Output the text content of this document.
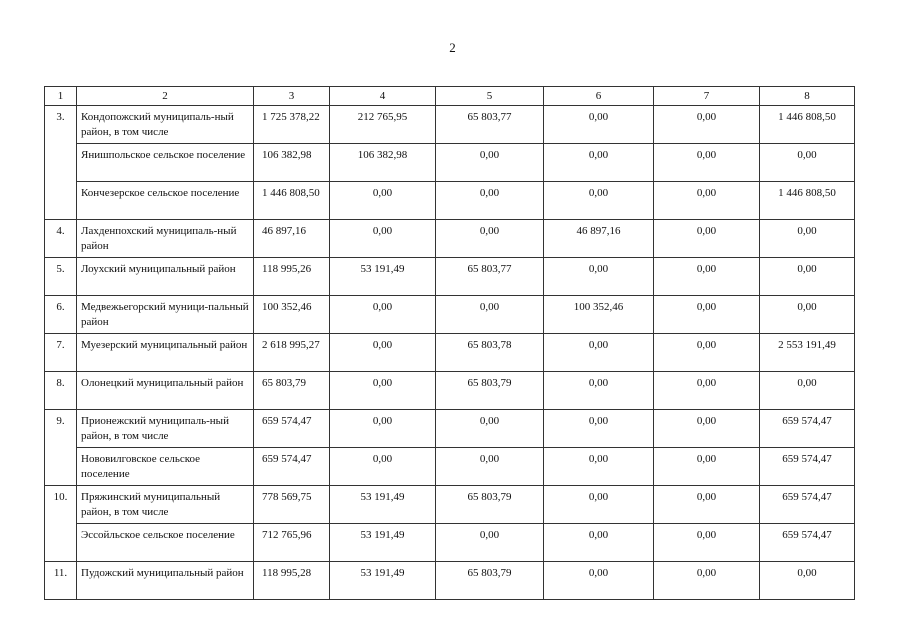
2
1	2	3	4	5	6	7	8
3.	Кондопожский муниципаль-ный район, в том числе	1 725 378,22	212 765,95	65 803,77	0,00	0,00	1 446 808,50
	Янишпольское сельское поселение	106 382,98	106 382,98	0,00	0,00	0,00	0,00
	Кончезерское сельское поселение	1 446 808,50	0,00	0,00	0,00	0,00	1 446 808,50
4.	Лахденпохский муниципаль-ный район	46 897,16	0,00	0,00	46 897,16	0,00	0,00
5.	Лоухский муниципальный район	118 995,26	53 191,49	65 803,77	0,00	0,00	0,00
6.	Медвежьегорский муници-пальный район	100 352,46	0,00	0,00	100 352,46	0,00	0,00
7.	Муезерский муниципальный район	2 618 995,27	0,00	65 803,78	0,00	0,00	2 553 191,49
8.	Олонецкий муниципальный район	65 803,79	0,00	65 803,79	0,00	0,00	0,00
9.	Прионежский муниципаль-ный район, в том числе	659 574,47	0,00	0,00	0,00	0,00	659 574,47
	Нововилговское сельское поселение	659 574,47	0,00	0,00	0,00	0,00	659 574,47
10.	Пряжинский муниципальный район, в том числе	778 569,75	53 191,49	65 803,79	0,00	0,00	659 574,47
	Эссойльское сельское поселение	712 765,96	53 191,49	0,00	0,00	0,00	659 574,47
11.	Пудожский муниципальный район	118 995,28	53 191,49	65 803,79	0,00	0,00	0,00
